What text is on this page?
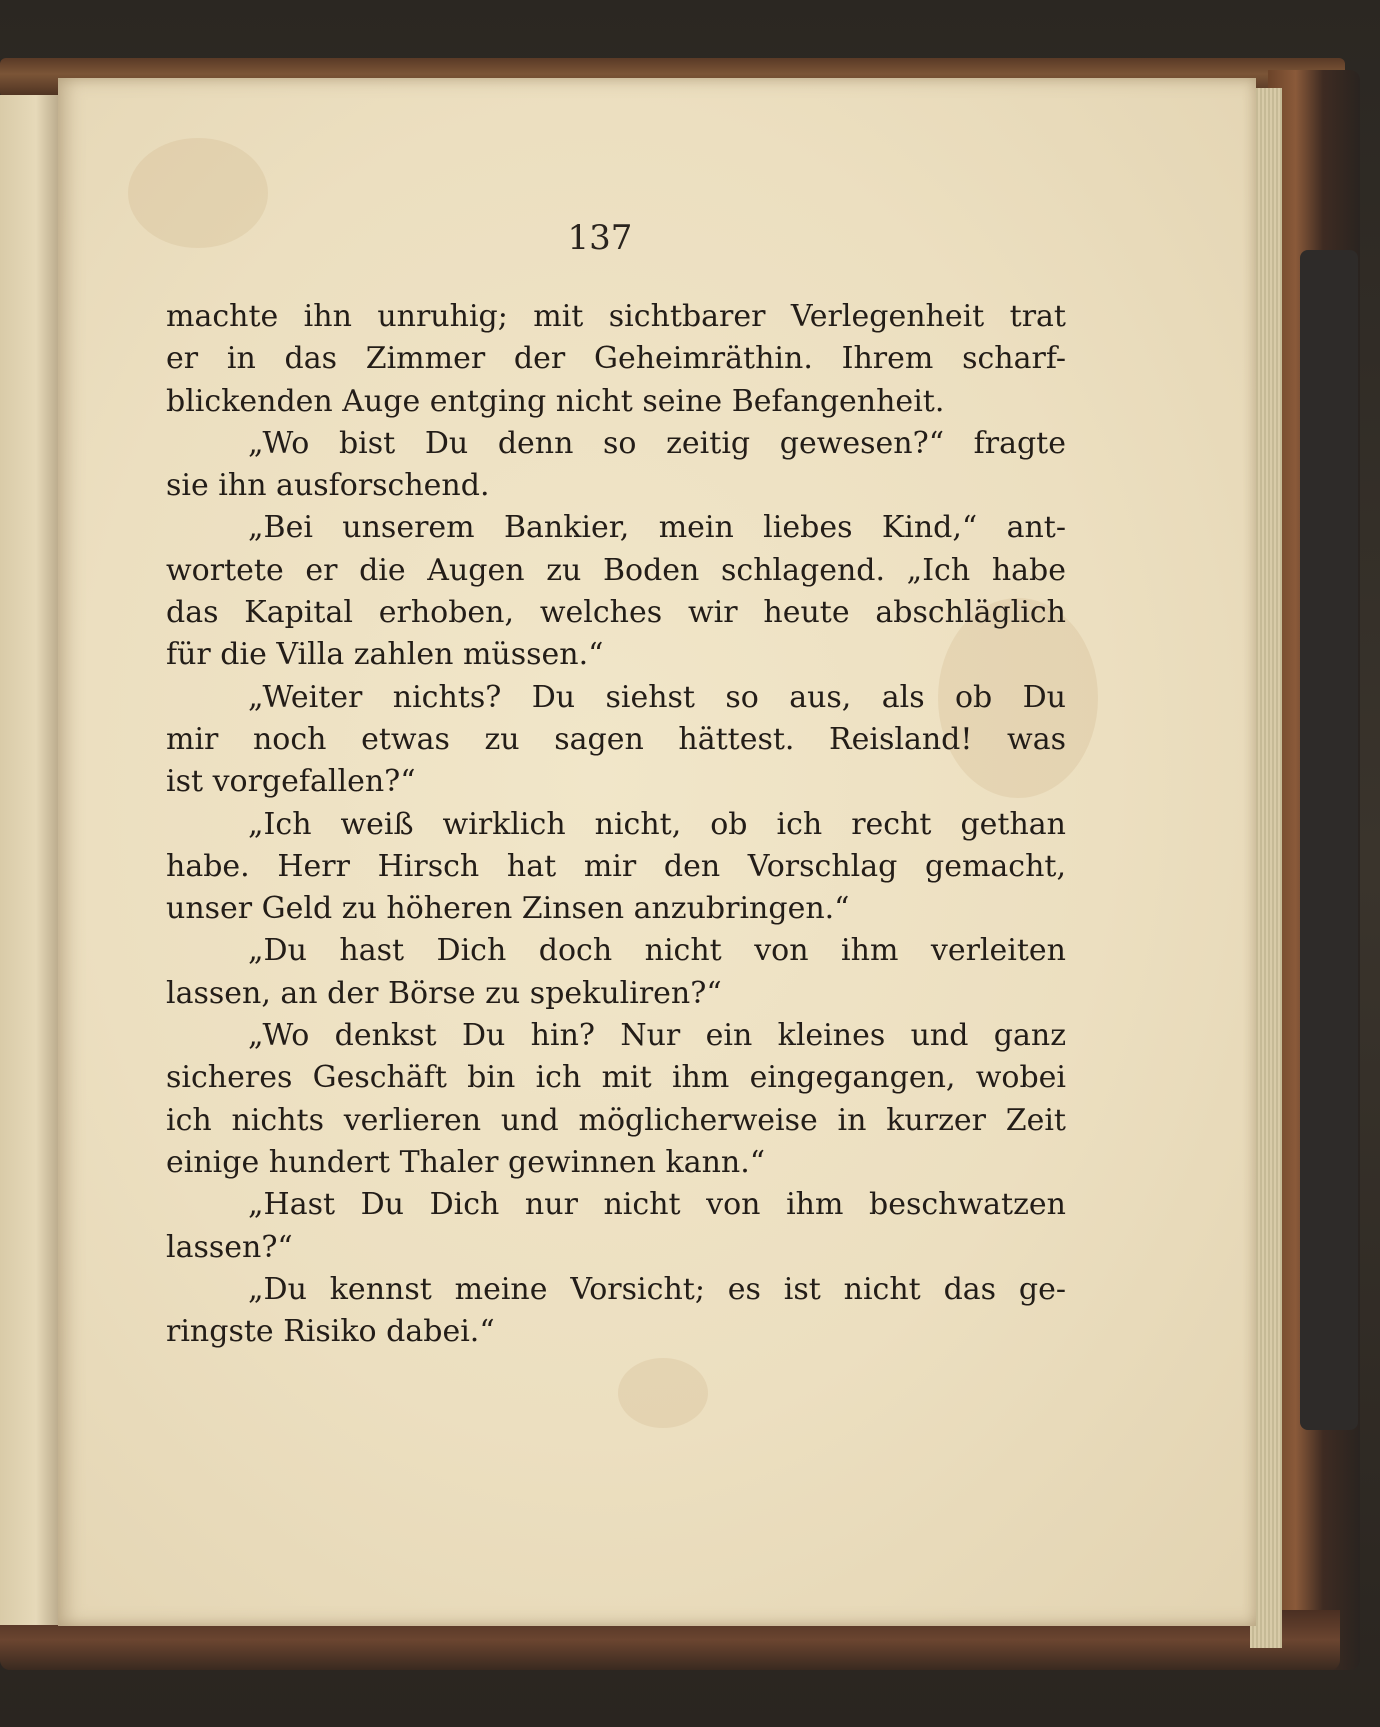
137
machte ihn unruhig; mit sichtbarer Verlegenheit trat
er in das Zimmer der Geheimräthin. Ihrem scharf-
blickenden Auge entging nicht seine Befangenheit.
„Wo bist Du denn so zeitig gewesen?“ fragte
sie ihn ausforschend.
„Bei unserem Bankier, mein liebes Kind,“ ant-
wortete er die Augen zu Boden schlagend. „Ich habe
das Kapital erhoben, welches wir heute abschläglich
für die Villa zahlen müssen.“
„Weiter nichts? Du siehst so aus, als ob Du
mir noch etwas zu sagen hättest. Reisland! was
ist vorgefallen?“
„Ich weiß wirklich nicht, ob ich recht gethan
habe. Herr Hirsch hat mir den Vorschlag gemacht,
unser Geld zu höheren Zinsen anzubringen.“
„Du hast Dich doch nicht von ihm verleiten
lassen, an der Börse zu spekuliren?“
„Wo denkst Du hin? Nur ein kleines und ganz
sicheres Geschäft bin ich mit ihm eingegangen, wobei
ich nichts verlieren und möglicherweise in kurzer Zeit
einige hundert Thaler gewinnen kann.“
„Hast Du Dich nur nicht von ihm beschwatzen
lassen?“
„Du kennst meine Vorsicht; es ist nicht das ge-
ringste Risiko dabei.“
